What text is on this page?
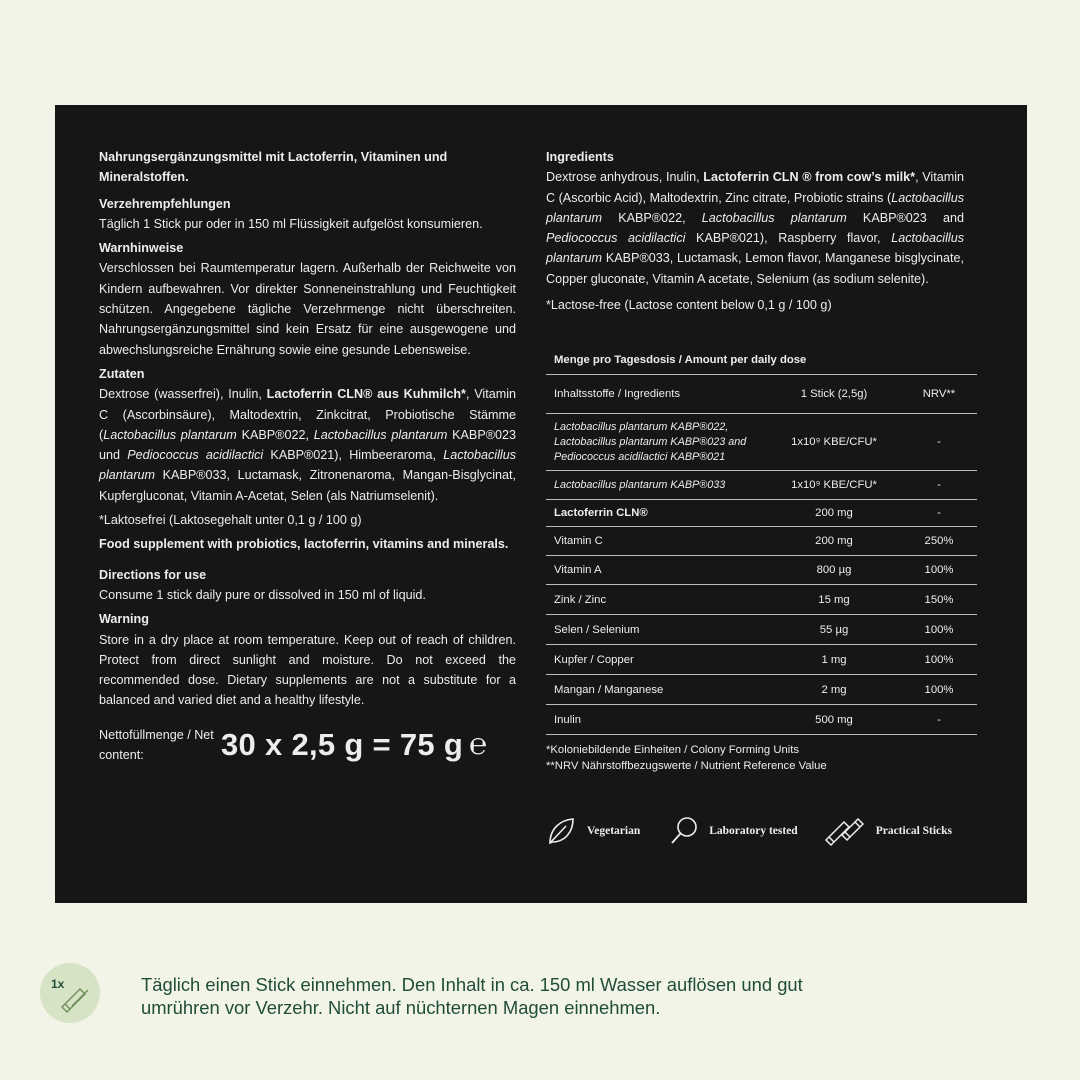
Nahrungsergänzungsmittel mit Lactoferrin, Vitaminen und Mineralstoffen.

Verzehrempfehlungen

Täglich 1 Stick pur oder in 150 ml Flüssigkeit aufgelöst konsumieren.

Warnhinweise

Verschlossen bei Raumtemperatur lagern. Außerhalb der Reichweite von Kindern aufbewahren. Vor direkter Sonneneinstrahlung und Feuchtigkeit schützen. Angegebene tägliche Verzehrmenge nicht überschreiten. Nahrungsergänzungsmittel sind kein Ersatz für eine ausgewogene und abwechslungsreiche Ernährung sowie eine gesunde Lebensweise.

Zutaten

Dextrose (wasserfrei), Inulin, Lactoferrin CLN® aus Kuhmilch*, Vitamin C (Ascorbinsäure), Maltodextrin, Zinkcitrat, Probiotische Stämme (Lactobacillus plantarum KABP®022, Lactobacillus plantarum KABP®023 und Pediococcus acidilactici KABP®021), Himbeeraroma, Lactobacillus plantarum KABP®033, Luctamask, Zitronenaroma, Mangan-Bisglycinat, Kupfergluconat, Vitamin A-Acetat, Selen (als Natriumselenit).

*Laktosefrei (Laktosegehalt unter 0,1 g / 100 g)

Food supplement with probiotics, lactoferrin, vitamins and minerals.

Directions for use

Consume 1 stick daily pure or dissolved in 150 ml of liquid.

Warning

Store in a dry place at room temperature. Keep out of reach of children. Protect from direct sunlight and moisture. Do not exceed the recommended dose. Dietary supplements are not a substitute for a balanced and varied diet and a healthy lifestyle.

Nettofüllmenge / Net content:	30 x 2,5 g = 75 g ℮

Ingredients

Dextrose anhydrous, Inulin, Lactoferrin CLN ® from cow’s milk*, Vitamin C (Ascorbic Acid), Maltodextrin, Zinc citrate, Probiotic strains (Lactobacillus plantarum KABP®022, Lactobacillus plantarum KABP®023 and Pediococcus acidilactici KABP®021), Raspberry flavor, Lactobacillus plantarum KABP®033, Luctamask, Lemon flavor, Manganese bisglycinate, Copper gluconate, Vitamin A acetate, Selenium (as sodium selenite).

*Lactose-free (Lactose content below 0,1 g / 100 g)

Menge pro Tagesdosis / Amount per daily dose		
Inhaltsstoffe / Ingredients	1 Stick (2,5g)	NRV**
Lactobacillus plantarum KABP®022, Lactobacillus plantarum KABP®023 and Pediococcus acidilactici KABP®021	1x10⁹ KBE/CFU*	-
Lactobacillus plantarum KABP®033	1x10⁹ KBE/CFU*	-
Lactoferrin CLN®	200 mg	-
Vitamin C	200 mg	250%
Vitamin A	800 µg	100%
Zink / Zinc	15 mg	150%
Selen / Selenium	55 µg	100%
Kupfer / Copper	1 mg	100%
Mangan / Manganese	2 mg	100%
Inulin	500 mg	-
*Koloniebildende Einheiten / Colony Forming Units
**NRV Nährstoffbezugswerte / Nutrient Reference Value
Vegetarian	Laboratory tested	Practical Sticks
1x	Täglich einen Stick einnehmen. Den Inhalt in ca. 150 ml Wasser auflösen und gut umrühren vor Verzehr. Nicht auf nüchternen Magen einnehmen.
